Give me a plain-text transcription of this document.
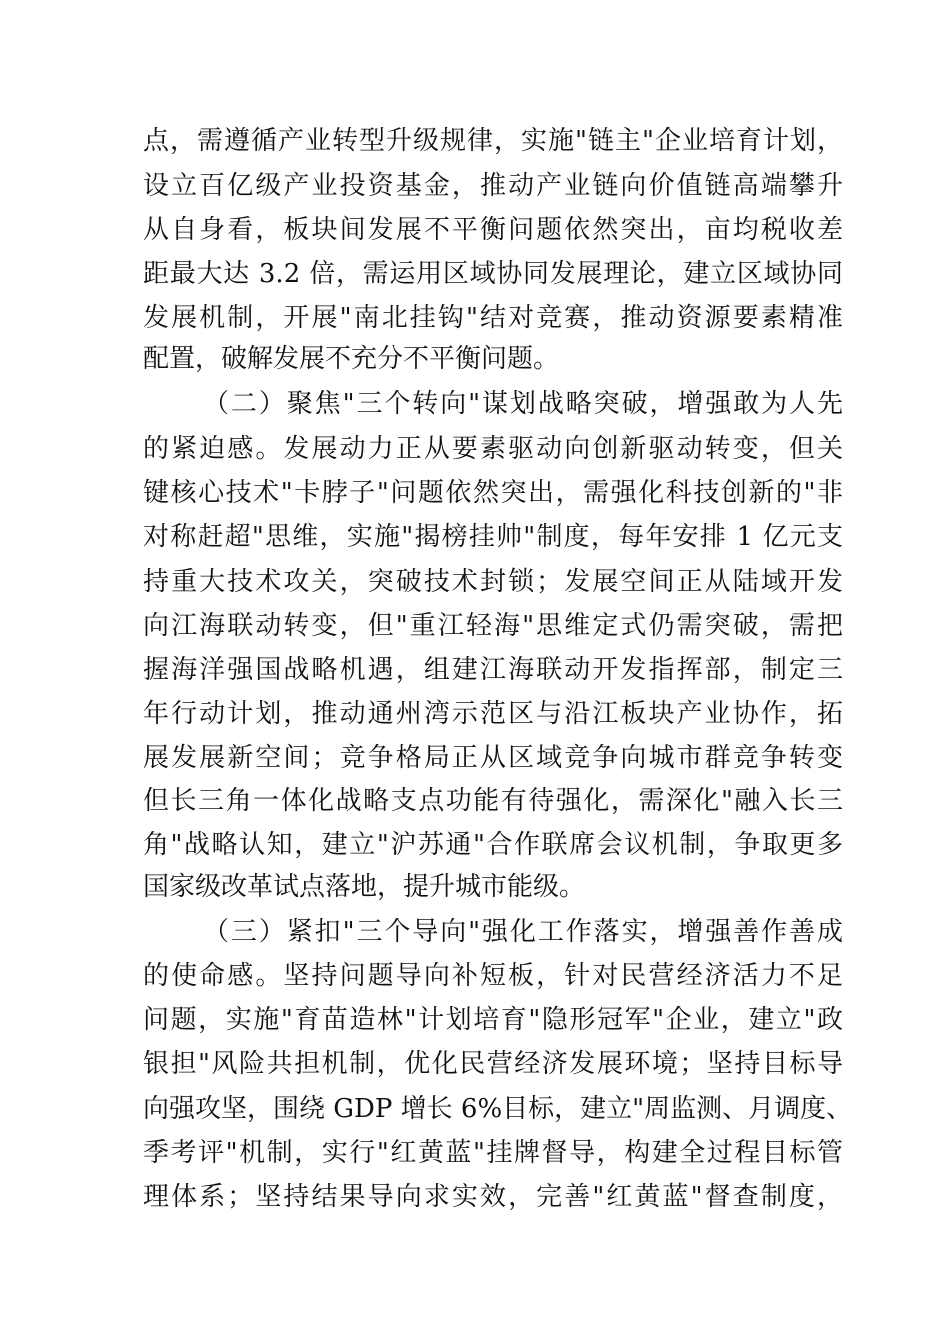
点，需遵循产业转型升级规律，实施"链主"企业培育计划，
设立百亿级产业投资基金，推动产业链向价值链高端攀升
从自身看，板块间发展不平衡问题依然突出，亩均税收差
距最大达 3.2 倍，需运用区域协同发展理论，建立区域协同
发展机制，开展"南北挂钩"结对竞赛，推动资源要素精准
配置，破解发展不充分不平衡问题。
（二）聚焦"三个转向"谋划战略突破，增强敢为人先
的紧迫感。发展动力正从要素驱动向创新驱动转变，但关
键核心技术"卡脖子"问题依然突出，需强化科技创新的"非
对称赶超"思维，实施"揭榜挂帅"制度，每年安排 1 亿元支
持重大技术攻关，突破技术封锁；发展空间正从陆域开发
向江海联动转变，但"重江轻海"思维定式仍需突破，需把
握海洋强国战略机遇，组建江海联动开发指挥部，制定三
年行动计划，推动通州湾示范区与沿江板块产业协作，拓
展发展新空间；竞争格局正从区域竞争向城市群竞争转变
但长三角一体化战略支点功能有待强化，需深化"融入长三
角"战略认知，建立"沪苏通"合作联席会议机制，争取更多
国家级改革试点落地，提升城市能级。
（三）紧扣"三个导向"强化工作落实，增强善作善成
的使命感。坚持问题导向补短板，针对民营经济活力不足
问题，实施"育苗造林"计划培育"隐形冠军"企业，建立"政
银担"风险共担机制，优化民营经济发展环境；坚持目标导
向强攻坚，围绕 GDP 增长 6%目标，建立"周监测、月调度、
季考评"机制，实行"红黄蓝"挂牌督导，构建全过程目标管
理体系；坚持结果导向求实效，完善"红黄蓝"督查制度，
